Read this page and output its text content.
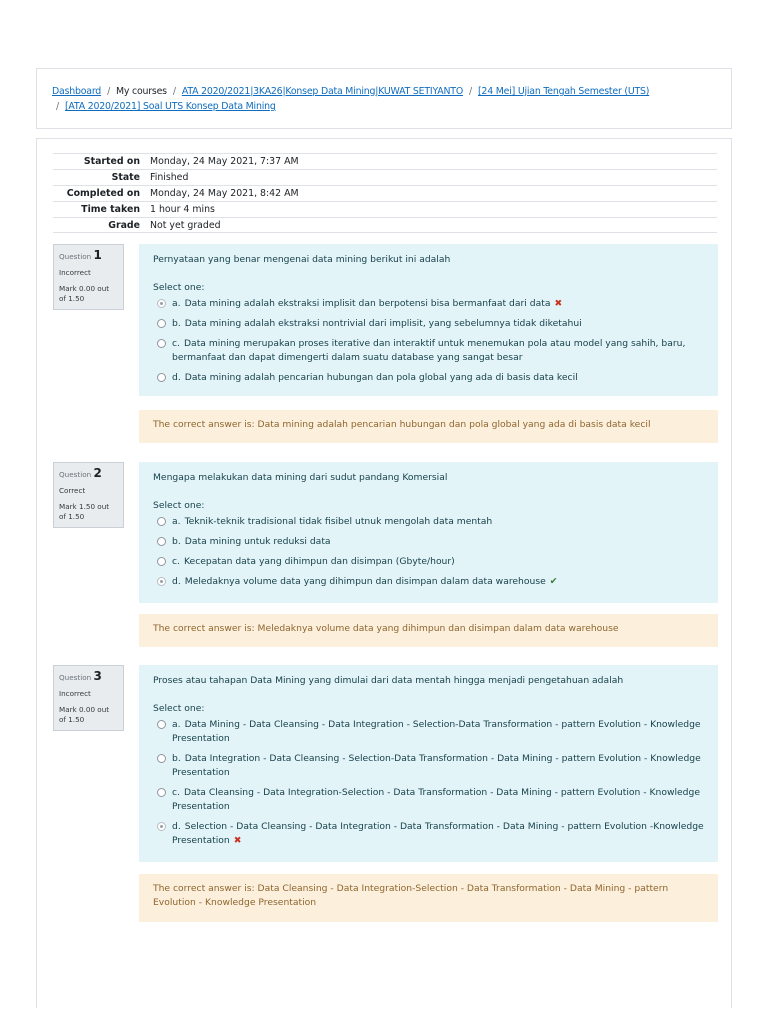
Dashboard / My courses / ATA 2020/2021|3KA26|Konsep Data Mining|KUWAT SETIYANTO / [24 Mei] Ujian Tengah Semester (UTS)
/ [ATA 2020/2021] Soal UTS Konsep Data Mining
Started on	Monday, 24 May 2021, 7:37 AM
State	Finished
Completed on	Monday, 24 May 2021, 8:42 AM
Time taken	1 hour 4 mins
Grade	Not yet graded
Question 1
Incorrect
Mark 0.00 out of 1.50
Pernyataan yang benar mengenai data mining berikut ini adalah
Select one:
a. Data mining adalah ekstraksi implisit dan berpotensi bisa bermanfaat dari data ✖
b. Data mining adalah ekstraksi nontrivial dari implisit, yang sebelumnya tidak diketahui
c. Data mining merupakan proses iterative dan interaktif untuk menemukan pola atau model yang sahih, baru, bermanfaat dan dapat dimengerti dalam suatu database yang sangat besar
d. Data mining adalah pencarian hubungan dan pola global yang ada di basis data kecil
The correct answer is: Data mining adalah pencarian hubungan dan pola global yang ada di basis data kecil
Question 2
Correct
Mark 1.50 out of 1.50
Mengapa melakukan data mining dari sudut pandang Komersial
Select one:
a. Teknik-teknik tradisional tidak fisibel utnuk mengolah data mentah
b. Data mining untuk reduksi data
c. Kecepatan data yang dihimpun dan disimpan (Gbyte/hour)
d. Meledaknya volume data yang dihimpun dan disimpan dalam data warehouse ✔
The correct answer is: Meledaknya volume data yang dihimpun dan disimpan dalam data warehouse
Question 3
Incorrect
Mark 0.00 out of 1.50
Proses atau tahapan Data Mining yang dimulai dari data mentah hingga menjadi pengetahuan adalah
Select one:
a. Data Mining - Data Cleansing - Data Integration - Selection-Data Transformation - pattern Evolution - Knowledge Presentation
b. Data Integration - Data Cleansing - Selection-Data Transformation - Data Mining - pattern Evolution - Knowledge Presentation
c. Data Cleansing - Data Integration-Selection - Data Transformation - Data Mining - pattern Evolution - Knowledge Presentation
d. Selection - Data Cleansing - Data Integration - Data Transformation - Data Mining - pattern Evolution -Knowledge Presentation ✖
The correct answer is: Data Cleansing - Data Integration-Selection - Data Transformation - Data Mining - pattern Evolution - Knowledge Presentation
